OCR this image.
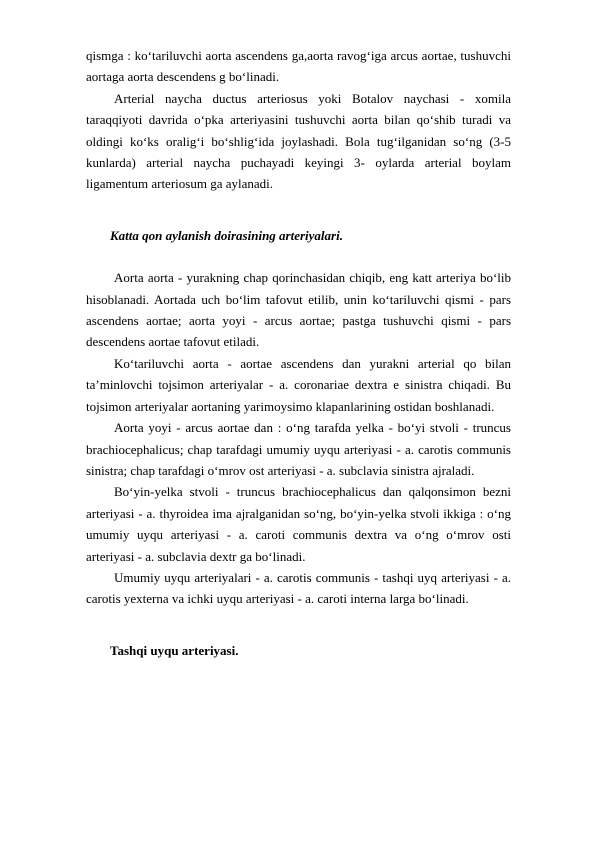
qismga : ko‘tariluvchi aorta ascendens ga,aorta ravog‘iga arcus aortae, tushuvchi aortaga aorta descendens g bo‘linadi.

Arterial naycha ductus arteriosus yoki Botalov naychasi - xomila taraqqiyoti davrida o‘pka arteriyasini tushuvchi aorta bilan qo‘shib turadi va oldingi ko‘ks oralig‘i bo‘shlig‘ida joylashadi. Bola tug‘ilganidan so‘ng (3-5 kunlarda) arterial naycha puchayadi keyingi 3- oylarda arterial boylam ligamentum arteriosum ga aylanadi.

Katta qon aylanish doirasining arteriyalari.

Aorta aorta - yurakning chap qorinchasidan chiqib, eng katt arteriya bo‘lib hisoblanadi. Aortada uch bo‘lim tafovut etilib, unin ko‘tariluvchi qismi - pars ascendens aortae; aorta yoyi - arcus aortae; pastga tushuvchi qismi - pars descendens aortae tafovut etiladi.

Ko‘tariluvchi aorta - aortae ascendens dan yurakni arterial qo bilan ta’minlovchi tojsimon arteriyalar - a. coronariae dextra e sinistra chiqadi. Bu tojsimon arteriyalar aortaning yarimoysimo klapanlarining ostidan boshlanadi.

Aorta yoyi - arcus aortae dan : o‘ng tarafda yelka - bo‘yi stvoli - truncus brachiocephalicus; chap tarafdagi umumiy uyqu arteriyasi - a. carotis communis sinistra; chap tarafdagi o‘mrov ost arteriyasi - a. subclavia sinistra ajraladi.

Bo‘yin-yelka stvoli - truncus brachiocephalicus dan qalqonsimon bezni arteriyasi - a. thyroidea ima ajralganidan so‘ng, bo‘yin-yelka stvoli ikkiga : o‘ng umumiy uyqu arteriyasi - a. caroti communis dextra va o‘ng o‘mrov osti arteriyasi - a. subclavia dextr ga bo‘linadi.

Umumiy uyqu arteriyalari - a. carotis communis - tashqi uyq arteriyasi - a. carotis yexterna va ichki uyqu arteriyasi - a. caroti interna larga bo‘linadi.

Tashqi uyqu arteriyasi.
